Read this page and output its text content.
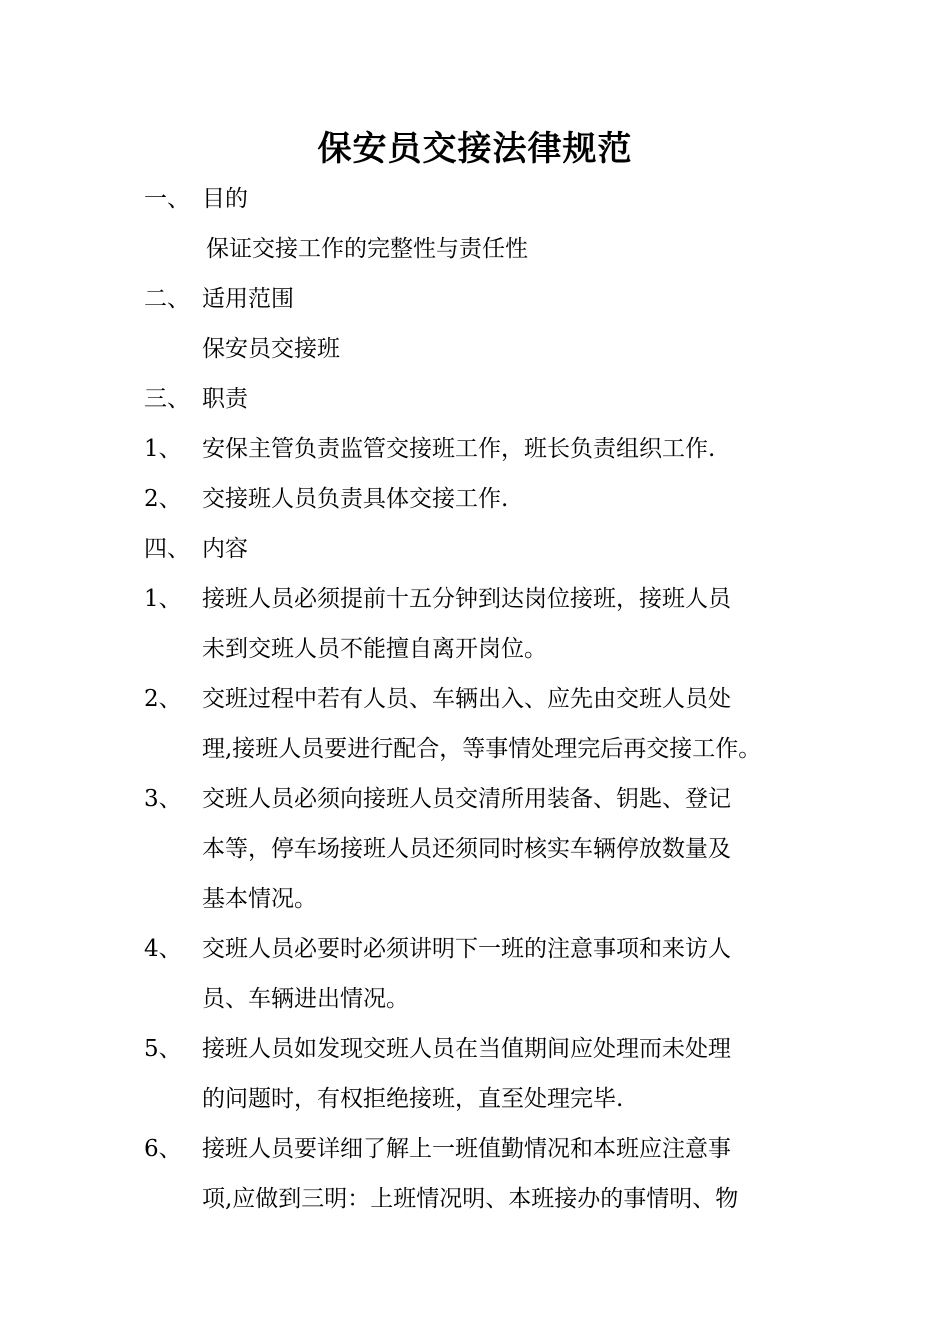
保安员交接法律规范
一、 目的
保证交接工作的完整性与责任性
二、 适用范围
保安员交接班
三、 职责
1、 安保主管负责监管交接班工作，班长负责组织工作.
2、 交接班人员负责具体交接工作.
四、 内容
1、 接班人员必须提前十五分钟到达岗位接班，接班人员
未到交班人员不能擅自离开岗位。
2、 交班过程中若有人员、车辆出入、应先由交班人员处
理,接班人员要进行配合，等事情处理完后再交接工作。
3、 交班人员必须向接班人员交清所用装备、钥匙、登记
本等，停车场接班人员还须同时核实车辆停放数量及
基本情况。
4、 交班人员必要时必须讲明下一班的注意事项和来访人
员、车辆进出情况。
5、 接班人员如发现交班人员在当值期间应处理而未处理
的问题时，有权拒绝接班，直至处理完毕.
6、 接班人员要详细了解上一班值勤情况和本班应注意事
项,应做到三明：上班情况明、本班接办的事情明、物
